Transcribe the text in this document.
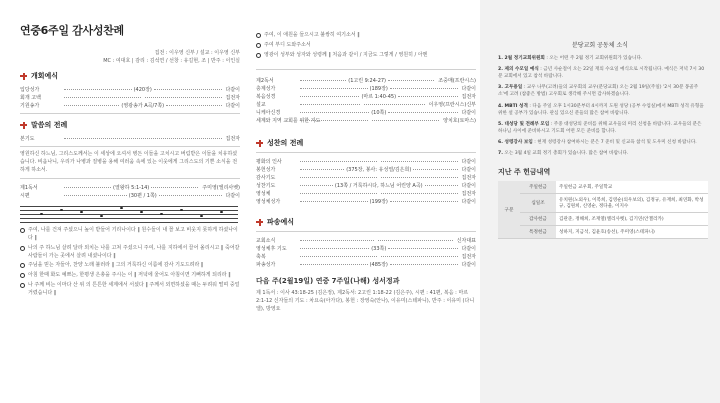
연중6주일 감사성찬례
집전 : 이우영 신부 / 설교 : 이우영 신부
MC : 여대호 | 감리 : 김석연 / 선창 : 유길현, 조 | 반주 : 이인실
개회예식
입당성가	(420장)	다같이
회개 고백	집전자
기원송가	(영광송가 A곡/7쪽)	다같이
말씀의 전례
본기도	집전자
영원하신 하느님, 그리스도께서는 이 세상에 오셔서 병든 이들을 고치시고 버림받은 이들을 치유하셨습니다. 비옵나니, 우리가 나병과 질병을 용해 여러움 속에 있는 이웃에게 그리스도의 기쁜 소식을 전하게 하소서.
제1독서	(열왕하 5:1-14)	주미영(엘리사벳)
시편	(30편 / 1쪽)	다같이
주여, 나를 건져 주셨으니 높이 받들어 기리나이다 ‖ 원수들이 내 꼴 보고 비웃지 못하게 하셨나이다 ‖
나의 주 하느님 살려 달라 외치는 나를 고쳐 주셨으니 주여, 나를 지하에서 끌어 올리시고 ‖ 죽어갈 사람들이 가는 곳에서 살려 내셨나이다 ‖
주님을 믿는 자들아, 찬양 노래 불러라 ‖ 그의 거룩하신 이름에 감사 기도드려라 ‖
아침 한때 화도 예쁘는, 한평생 은총을 주시는 이 ‖ 저녁에 울어도 아침이면 기뻐하게 되리라 ‖
나 주께 비는 이마다 산 위 의 튼튼한 세계에서 서셨다 ‖ 주께서 외면하셨을 때는 두려워 떨며 중얼 거렸습니다 ‖
주여, 이 애원을 들으시고 불쌍히 여기소서 ‖
주여 부디 도와주소서
영광이 성부와 성자와 성령께 ‖ 처음과 같이 / 지금도 그렇게 / 영원히 / 아멘
제2독서	(1고린 9:24-27)	조중매(프란시스)
층계성가	(189장)	다같이
복음성경	(마르 1:40-45)	집전자
설교	이우영(프란시스)신부
니케아신경	(10쪽)	다같이
세계와 지역 교회를 위한 기도	양치호(토마스)
성찬의 전례
평화의 인사	다같이
봉헌성가	(375장, 봉사: 유성열/김은희)	다같이
감사기도	집전자
성찬기도	(13쪽 / 거룩하시다, 하느님 어린양 A곡)	다같이
영성체	집전자
영성체성가	(199장)	다같이
파송예식
교회소식	신자대표
영성체후 기도	(33쪽)	다같이
축복	집전자
파송성가	(485장)	다같이
다음 주(2월19일) 연중 7주일(나해) 성서정과
제 1독서 : 이사 43:18-25 (김은정), 제2독서: 2고린 1:18-22 (김은주), 시편 : 41편, 복음 : 마르 2:1-12 신자들의 기도 : 차요숙(아가다), 봉헌 : 장영숙(안나), 이유미(스테파니), 반주 : 이유미 (다니엘), 방영요
분당교회 공동체 소식

1. 2월 정기교회위원회 : 오는 어떤 주 2월 정기 교회위원회가 있습니다.

2. 제의 수모일 예식 : 금년 사순절이 오는 22일 재의 수요일 예식으로 시작됩니다. 예식은 저녁 7시 30분 교회에서 있고 참석 바랍니다.

3. 고두용일 : 교우 나무(고려)들의 교우회의 교우(분당교회) 오는 2월 19일(주일) '2시 30분 몽골주소'에 고려 (참좋은 방법) 고우회로 생각해 주시면 감사하겠습니다.

4. MBTI 성격 : 다음 주일 오후 1시30분부터 4시까지 도원 성당 (공부 수업실)에서 MBTI 성격 유형을 위한 설 공부가 있습니다. 관심 있으신 분들의 많은 참여 바랍니다.

5. 대성당 및 전례부 모임 : 주중 대성당의 준비를 위해 교우들의 미리 신청을 바랍니다. 교우들의 분은 하나님 사이에 준비하시고 기도회 어떤 모든 준비를 합니다.

6. 성령강사 보임 : 현재 성령강사 참여하시는 분은 7 준비 및 신교육 참석 및 도우미 신청 바랍니다.

7. 오는 3월 4일 교회 정기 총회가 있습니다. 많은 참여 바랍니다.

지난 주 헌금내역
구분	주일헌금	주일헌금 교우회, 주일학교
	십일조	유치원(노외우), 이복희, 김영순(의우보의), 김정규, 유재희, 최연화, 박성규, 김원희, 신영순, 정다울, 이지수
	감사헌금	김관준, 정해희, 조재열(엘리사벳), 김기연(안젤리카)
	특정헌금	성하지, 지금석, 김윤호(송선), 주미영(스테파니)
